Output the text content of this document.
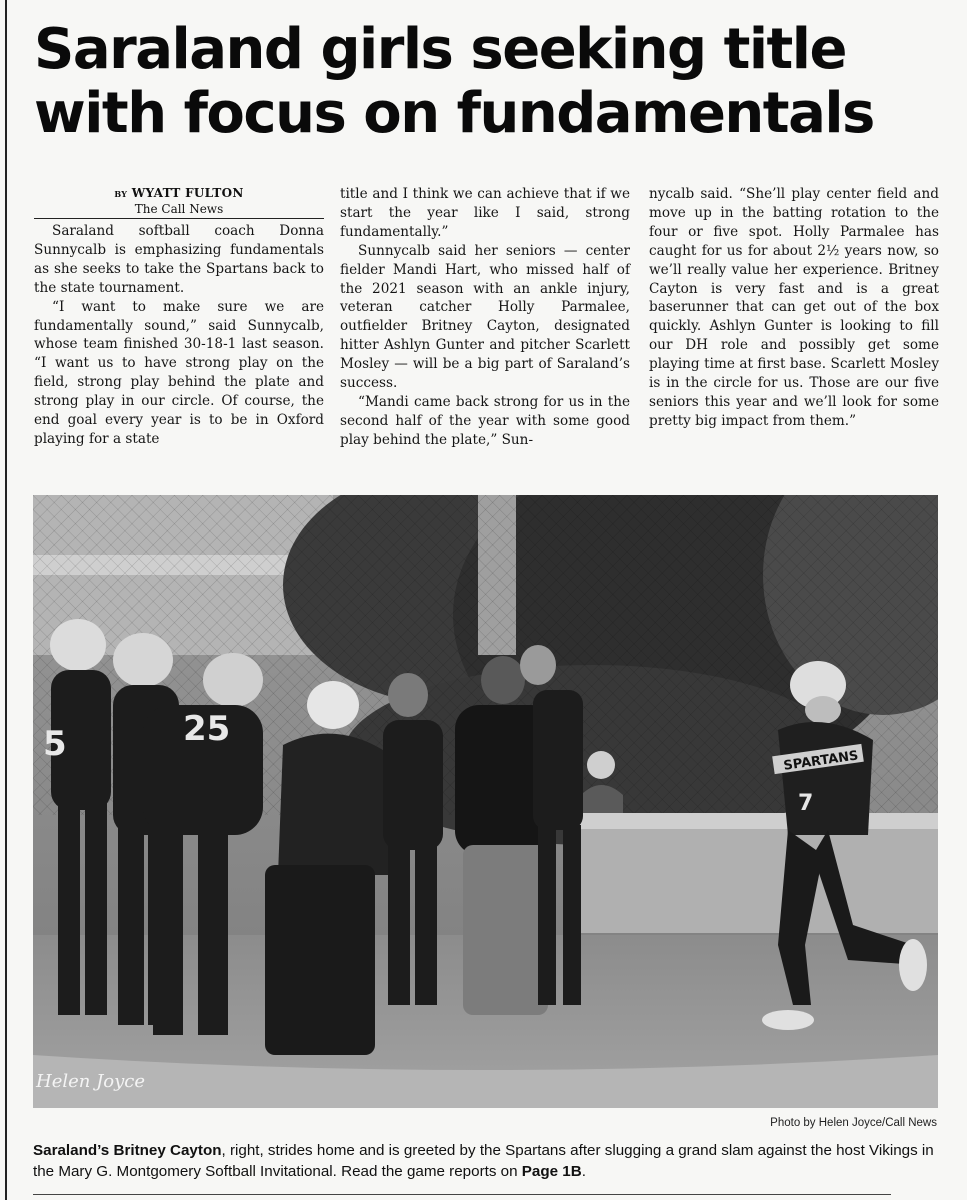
Saraland girls seeking title
with focus on fundamentals
BY WYATT FULTON
The Call News

Saraland softball coach Donna Sunnycalb is emphasizing fundamentals as she seeks to take the Spartans back to the state tournament.

“I want to make sure we are fundamentally sound,” said Sunnycalb, whose team finished 30-18-1 last season. “I want us to have strong play on the field, strong play behind the plate and strong play in our circle. Of course, the end goal every year is to be in Oxford playing for a state

title and I think we can achieve that if we start the year like I said, strong fundamentally.”

Sunnycalb said her seniors — center fielder Mandi Hart, who missed half of the 2021 season with an ankle injury, veteran catcher Holly Parmalee, outfielder Britney Cayton, designated hitter Ashlyn Gunter and pitcher Scarlett Mosley — will be a big part of Saraland’s success.

“Mandi came back strong for us in the second half of the year with some good play behind the plate,” Sun-

nycalb said. “She’ll play center field and move up in the batting rotation to the four or five spot. Holly Parmalee has caught for us for about 2½ years now, so we’ll really value her experience. Britney Cayton is very fast and is a great baserunner that can get out of the box quickly. Ashlyn Gunter is looking to fill our DH role and possibly get some playing time at first base. Scarlett Mosley is in the circle for us. Those are our five seniors this year and we’ll look for some pretty big impact from them.”

25
5	SPARTANS
7
Helen Joyce
Photo by Helen Joyce/Call News
Saraland’s Britney Cayton, right, strides home and is greeted by the Spartans after slugging a grand slam against the host Vikings in the Mary G. Montgomery Softball Invitational. Read the game reports on Page 1B.
